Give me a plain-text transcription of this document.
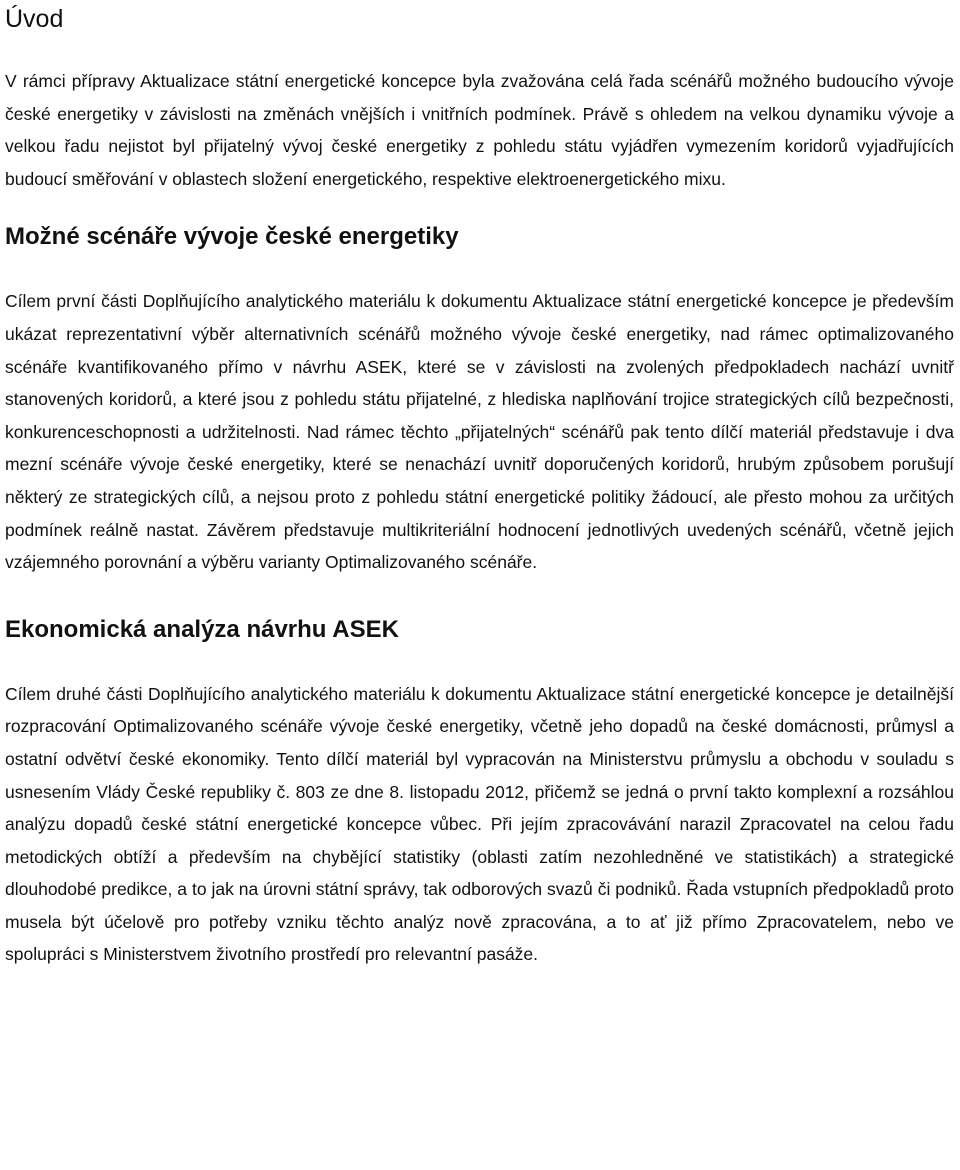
Úvod

V rámci přípravy Aktualizace státní energetické koncepce byla zvažována celá řada scénářů možného budoucího vývoje české energetiky v závislosti na změnách vnějších i vnitřních podmínek. Právě s ohledem na velkou dynamiku vývoje a velkou řadu nejistot byl přijatelný vývoj české energetiky z pohledu státu vyjádřen vymezením koridorů vyjadřujících budoucí směřování v oblastech složení energetického, respektive elektroenergetického mixu.

Možné scénáře vývoje české energetiky

Cílem první části Doplňujícího analytického materiálu k dokumentu Aktualizace státní energetické koncepce je především ukázat reprezentativní výběr alternativních scénářů možného vývoje české energetiky, nad rámec optimalizovaného scénáře kvantifikovaného přímo v návrhu ASEK, které se v závislosti na zvolených předpokladech nachází uvnitř stanovených koridorů, a které jsou z pohledu státu přijatelné, z hlediska naplňování trojice strategických cílů bezpečnosti, konkurenceschopnosti a udržitelnosti. Nad rámec těchto „přijatelných“ scénářů pak tento dílčí materiál představuje i dva mezní scénáře vývoje české energetiky, které se nenachází uvnitř doporučených koridorů, hrubým způsobem porušují některý ze strategických cílů, a nejsou proto z pohledu státní energetické politiky žádoucí, ale přesto mohou za určitých podmínek reálně nastat. Závěrem představuje multikriteriální hodnocení jednotlivých uvedených scénářů, včetně jejich vzájemného porovnání a výběru varianty Optimalizovaného scénáře.

Ekonomická analýza návrhu ASEK

Cílem druhé části Doplňujícího analytického materiálu k dokumentu Aktualizace státní energetické koncepce je detailnější rozpracování Optimalizovaného scénáře vývoje české energetiky, včetně jeho dopadů na české domácnosti, průmysl a ostatní odvětví české ekonomiky. Tento dílčí materiál byl vypracován na Ministerstvu průmyslu a obchodu v souladu s usnesením Vlády České republiky č. 803 ze dne 8. listopadu 2012, přičemž se jedná o první takto komplexní a rozsáhlou analýzu dopadů české státní energetické koncepce vůbec. Při jejím zpracovávání narazil Zpracovatel na celou řadu metodických obtíží a především na chybějící statistiky (oblasti zatím nezohledněné ve statistikách) a strategické dlouhodobé predikce, a to jak na úrovni státní správy, tak odborových svazů či podniků. Řada vstupních předpokladů proto musela být účelově pro potřeby vzniku těchto analýz nově zpracována, a to ať již přímo Zpracovatelem, nebo ve spolupráci s Ministerstvem životního prostředí pro relevantní pasáže.
